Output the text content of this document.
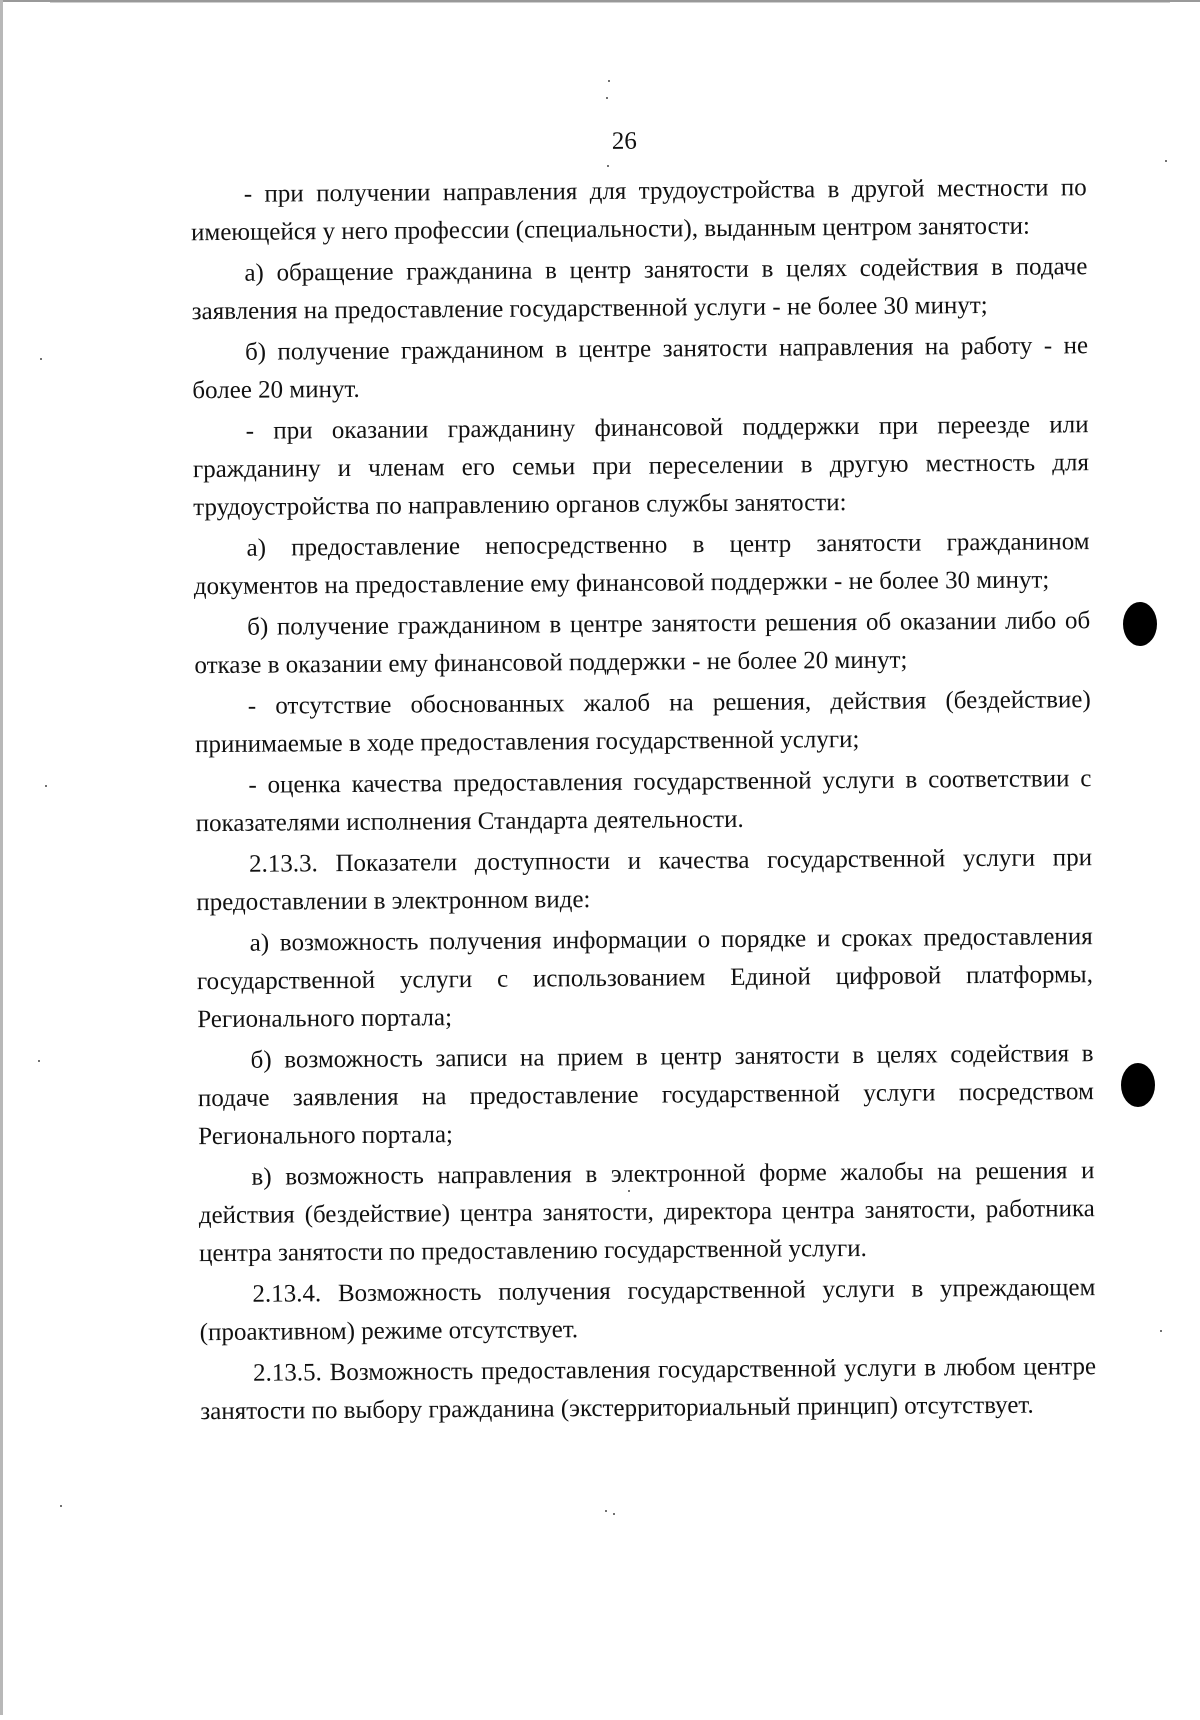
26

- при получении направления для трудоустройства в другой местности по имеющейся у него профессии (специальности), выданным центром занятости:

а) обращение гражданина в центр занятости в целях содействия в подаче заявления на предоставление государственной услуги - не более 30 минут;

б) получение гражданином в центре занятости направления на работу - не более 20 минут.

- при оказании гражданину финансовой поддержки при переезде или гражданину и членам его семьи при переселении в другую местность для трудоустройства по направлению органов службы занятости:

а) предоставление непосредственно в центр занятости гражданином документов на предоставление ему финансовой поддержки - не более 30 минут;

б) получение гражданином в центре занятости решения об оказании либо об отказе в оказании ему финансовой поддержки - не более 20 минут;

- отсутствие обоснованных жалоб на решения, действия (бездействие) принимаемые в ходе предоставления государственной услуги;

- оценка качества предоставления государственной услуги в соответствии с показателями исполнения Стандарта деятельности.

2.13.3. Показатели доступности и качества государственной услуги при предоставлении в электронном виде:

а) возможность получения информации о порядке и сроках предоставления государственной услуги с использованием Единой цифровой платформы, Регионального портала;

б) возможность записи на прием в центр занятости в целях содействия в подаче заявления на предоставление государственной услуги посредством Регионального портала;

в) возможность направления в электронной форме жалобы на решения и действия (бездействие) центра занятости, директора центра занятости, работника центра занятости по предоставлению государственной услуги.

2.13.4. Возможность получения государственной услуги в упреждающем (проактивном) режиме отсутствует.

2.13.5. Возможность предоставления государственной услуги в любом центре занятости по выбору гражданина (экстерриториальный принцип) отсутствует.
